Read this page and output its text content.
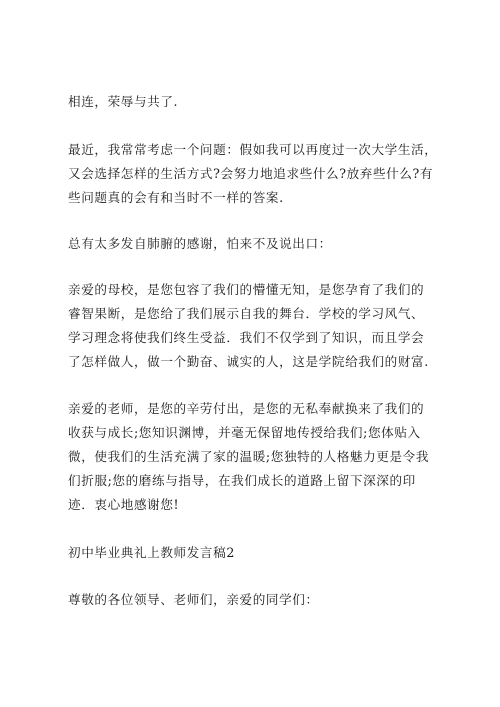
相连，荣辱与共了.

最近，我常常考虑一个问题：假如我可以再度过一次大学生活，
又会选择怎样的生活方式?会努力地追求些什么?放弃些什么?有
些问题真的会有和当时不一样的答案.

总有太多发自肺腑的感谢，怕来不及说出口：

亲爱的母校，是您包容了我们的懵懂无知，是您孕育了我们的
睿智果断，是您给了我们展示自我的舞台．学校的学习风气、
学习理念将使我们终生受益．我们不仅学到了知识，而且学会
了怎样做人，做一个勤奋、诚实的人，这是学院给我们的财富.

亲爱的老师，是您的辛劳付出，是您的无私奉献换来了我们的
收获与成长;您知识渊博，并毫无保留地传授给我们;您体贴入
微，使我们的生活充满了家的温暖;您独特的人格魅力更是令我
们折服;您的磨练与指导，在我们成长的道路上留下深深的印
迹．衷心地感谢您!

初中毕业典礼上教师发言稿2

尊敬的各位领导、老师们，亲爱的同学们：
